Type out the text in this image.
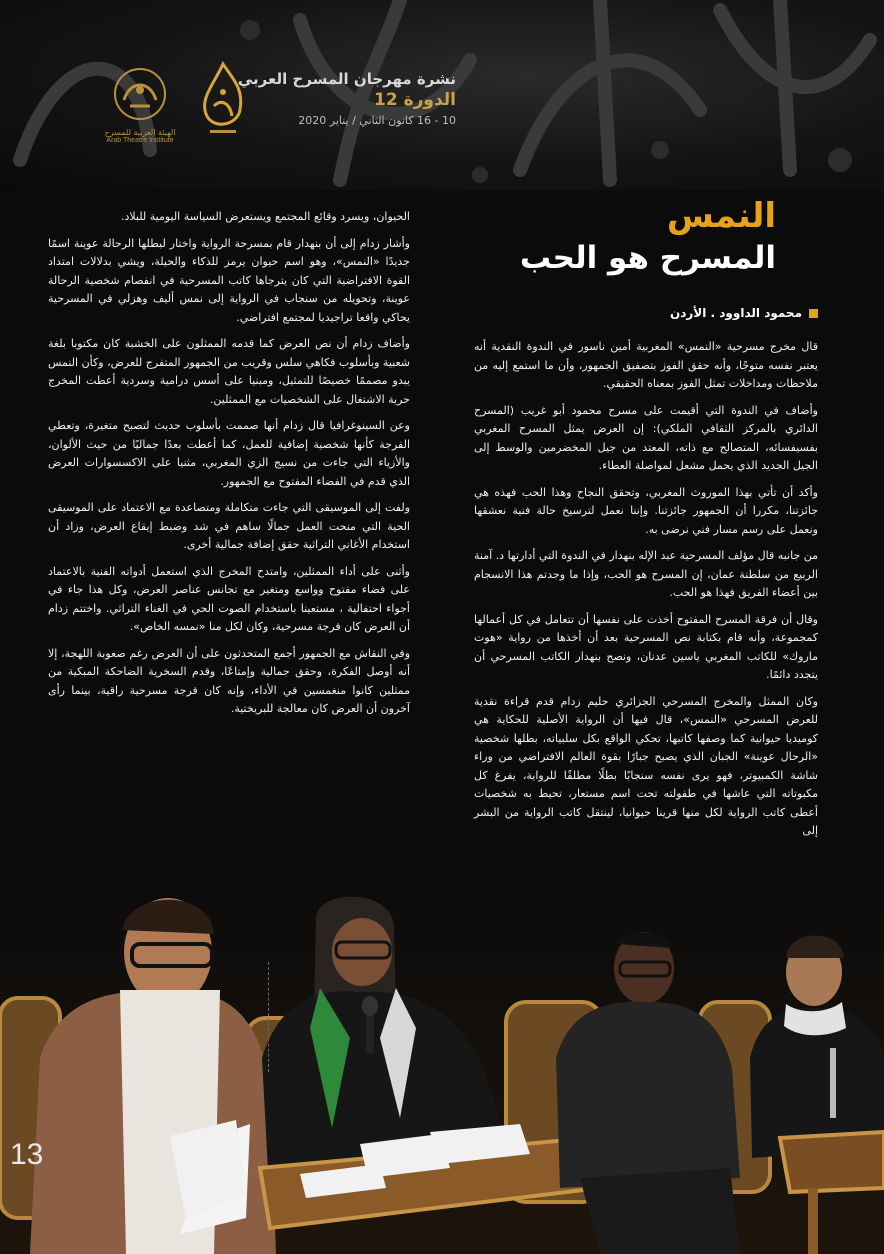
نشرة مهرجان المسرح العربي
الدورة 12
10 - 16 كانون الثاني / يناير 2020
الهيئة العربية للمسرح
Arab Theatre Institute
النمس
المسرح هو الحب
محمود الداوود . الأردن

قال مخرج مسرحية «النمس» المغربية أمين ناسور في الندوة النقدية أنه يعتبر نفسه متوجًا، وأنه حقق الفوز بتصفيق الجمهور، وأن ما استمع إليه من ملاحظات ومداخلات تمثل الفوز بمعناه الحقيقي.

وأضاف في الندوة التي أقيمت على مسرح محمود أبو غريب (المسرح الدائري بالمركز الثقافي الملكي): إن العرض يمثل المسرح المغربي بفسيفسائه، المتصالح مع ذاته، المعتد من جيل المخضرمين والوسط إلى الجيل الجديد الذي يحمل مشعل لمواصلة العطاء.

وأكد أن تأتي بهذا الموروث المغربي، وتحقق النجاح وهذا الحب فهذه هي جائزتنا، مكررا أن الجمهور جائزتنا. وإننا نعمل لترسيخ حالة فنية نعشقها ونعمل على رسم مسار فني نرضى به.

من جانبه قال مؤلف المسرحية عبد الإله بنهدار في الندوة التي أدارتها د. آمنة الربيع من سلطنة عمان، إن المسرح هو الحب، وإذا ما وجدتم هذا الانسجام بين أعضاء الفريق فهذا هو الحب.

وقال أن فرقة المسرح المفتوح أخذت على نفسها أن تتعامل في كل أعمالها كمجموعة، وأنه قام بكتابة نص المسرحية بعد أن أخذها من رواية «هوت ماروك» للكاتب المغربي ياسين عدنان، ونصح بنهدار الكاتب المسرحي أن يتجدد دائمًا.

وكان الممثل والمخرج المسرحي الجزائري حليم زدام قدم قراءة نقدية للعرض المسرحي «النمس»، قال فيها أن الرواية الأصلية للحكاية هي كوميديا حيوانية كما وصفها كاتبها، تحكي الواقع بكل سلبياته، بطلها شخصية «الرحال عوينة» الجبان الذي يصبح جبارًا بقوة العالم الافتراضي من وراء شاشة الكمبيوتر، فهو يرى نفسه سنجابًا بطلًا مطلقًا للرواية، يفرغ كل مكبوتاته التي عاشها في طفولته تحت اسم مستعار، تحيط به شخصيات أعطى كاتب الرواية لكل منها قرينا حيوانيا، لينتقل كاتب الرواية من البشر إلى

الحيوان، ويسرد وقائع المجتمع ويستعرض السياسة اليومية للبلاد.

وأشار زدام إلى أن بنهدار قام بمسرحة الرواية واختار لبطلها الرحالة عوينة اسمًا جديدًا «النمس»، وهو اسم حيوان يرمز للذكاء والحيلة، ويشي بدلالات امتداد القوة الافتراضية التي كان يترجاها كاتب المسرحية في انفصام شخصية الرحالة عوينة، وتحويله من سنجاب في الرواية إلى نمس أليف وهزلي في المسرحية يحاكي واقعا تراجيديا لمجتمع افتراضي.

وأضاف زدام أن نص العرض كما قدمه الممثلون على الخشبة كان مكتوبا بلغة شعبية وبأسلوب فكاهي سلس وقريب من الجمهور المتفرج للعرض، وكأن النمس يبدو مصممًا خصيصًا للتمثيل، ومبنيا على أسس درامية وسردية أعطت المخرج حرية الاشتغال على الشخصيات مع الممثلين.

وعن السينوغرافيا قال زدام أنها صممت بأسلوب حديث لتصبح متغيرة، وتعطي الفرجة كأنها شخصية إضافية للعمل، كما أعطت بعدًا جماليًا من حيث الألوان، والأزياء التي جاءت من نسيج الزي المغربي، مثنيا على الاكسسوارات العرض الذي قدم في الفضاء المفتوح مع الجمهور.

ولفت إلى الموسيقى التي جاءت متكاملة ومتصاعدة مع الاعتماد على الموسيقى الحية التي منحت العمل جمالًا ساهم في شد وضبط إيقاع العرض، وزاد أن استخدام الأغاني التراثية حقق إضافة جمالية أخرى.

وأثنى على أداء الممثلين، وامتدح المخرج الذي استعمل أدواته الفنية بالاعتماد على فضاء مفتوح وواسع ومتغير مع تجانس عناصر العرض، وكل هذا جاء في أجواء احتفالية ، مستعينا باستخدام الصوت الحي في الغناء التراثي. واختتم زدام أن العرض كان فرجة مسرحية، وكان لكل منا «نمسه الخاص».

وفي النقاش مع الجمهور أجمع المتحدثون على أن العرض رغم صعوبة اللهجة، إلا أنه أوصل الفكرة، وحقق جمالية وإمتاعًا، وقدم السخرية الضاحكة المبكية من ممثلين كانوا منغمسين في الأداء، وإنه كان فرجة مسرحية راقية، بينما رأى آخرون أن العرض كان معالجة للبريختية.

13
